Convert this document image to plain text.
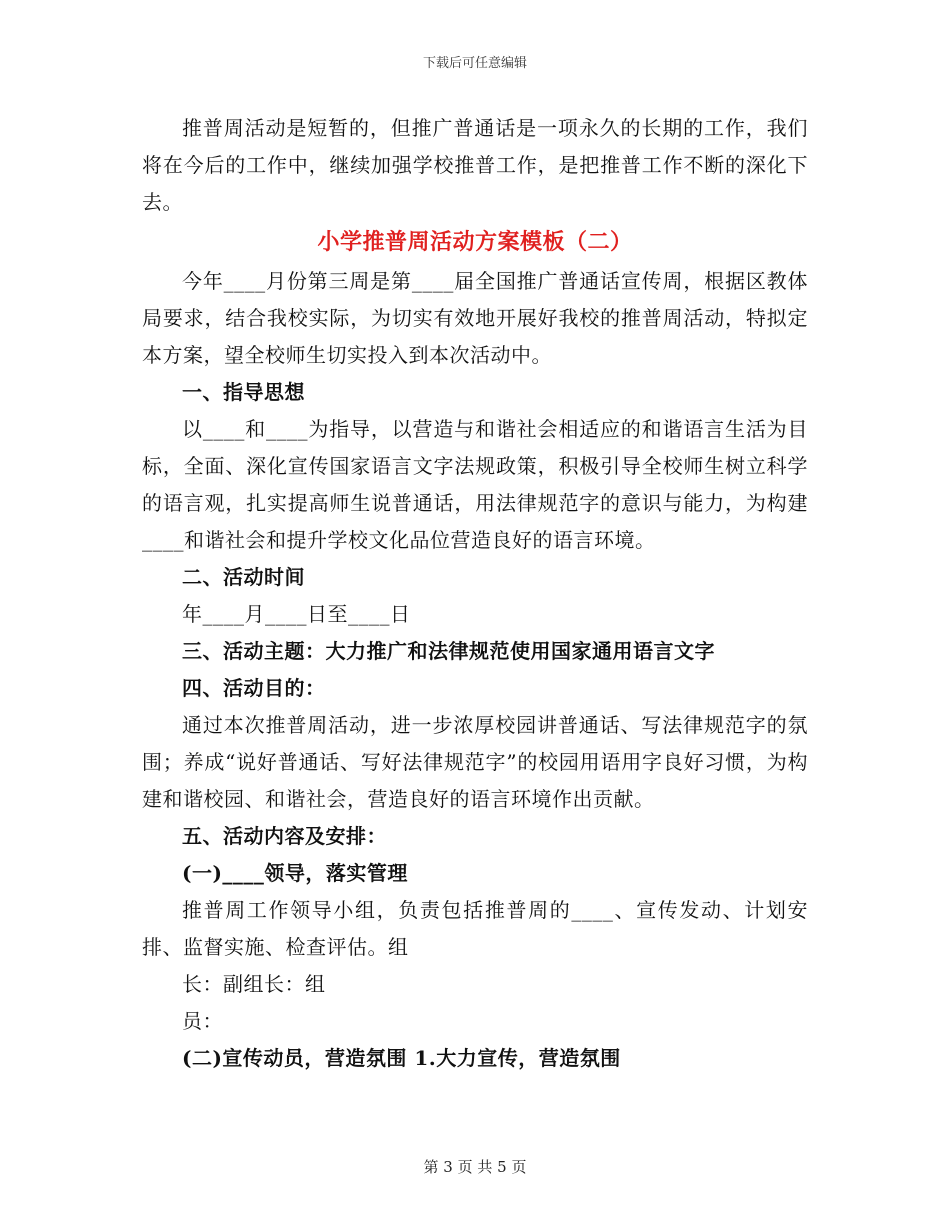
下载后可任意编辑

推普周活动是短暂的，但推广普通话是一项永久的长期的工作，我们将在今后的工作中，继续加强学校推普工作，是把推普工作不断的深化下去。

小学推普周活动方案模板（二）

今年____月份第三周是第____届全国推广普通话宣传周，根据区教体局要求，结合我校实际，为切实有效地开展好我校的推普周活动，特拟定本方案，望全校师生切实投入到本次活动中。

一、指导思想

以____和____为指导，以营造与和谐社会相适应的和谐语言生活为目标，全面、深化宣传国家语言文字法规政策，积极引导全校师生树立科学的语言观，扎实提高师生说普通话，用法律规范字的意识与能力，为构建____和谐社会和提升学校文化品位营造良好的语言环境。

二、活动时间

年____月____日至____日

三、活动主题：大力推广和法律规范使用国家通用语言文字

四、活动目的：

通过本次推普周活动，进一步浓厚校园讲普通话、写法律规范字的氛围；养成“说好普通话、写好法律规范字”的校园用语用字良好习惯，为构建和谐校园、和谐社会，营造良好的语言环境作出贡献。

五、活动内容及安排：

(一)____领导，落实管理

推普周工作领导小组，负责包括推普周的____、宣传发动、计划安排、监督实施、检查评估。组

长：副组长：组

员：

(二)宣传动员，营造氛围 1.大力宣传，营造氛围

第 3 页 共 5 页
